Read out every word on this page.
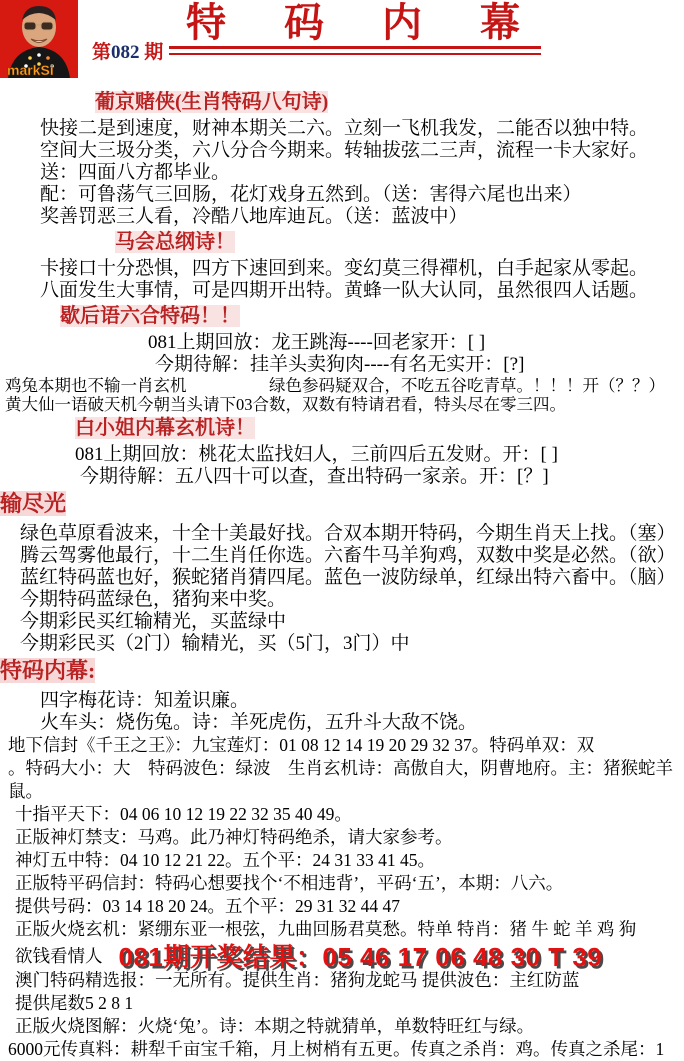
markSi
特码内幕
第082 期
葡京赌侠(生肖特码八句诗)
快接二是到速度，财神本期关二六。立刻一飞机我发，二能否以独中特。
空间大三圾分类，六八分合今期来。转轴拔弦二三声，流程一卡大家好。
送：四面八方都毕业。
配：可鲁荡气三回肠，花灯戏身五然到。（送：害得六尾也出来）
奖善罚恶三人看，冷酷八地库迪瓦。（送：蓝波中）
马会总纲诗！
卡接口十分恐惧，四方下速回到来。变幻莫三得禪机，白手起家从零起。
八面发生大事情，可是四期开出特。黄蜂一队大认同，虽然很四人话题。
歇后语六合特码！！
081上期回放：龙王跳海----回老家开：[ ]
今期待解：挂羊头卖狗肉----有名无实开：[?]
鸡兔本期也不输一肖玄机　　　　　绿色参码疑双合，不吃五谷吃青草。！！！开（？？）
黄大仙一语破天机今朝当头请下03合数，双数有特请君看，特头尽在零三四。
白小姐内幕玄机诗！
081上期回放：桃花太监找妇人，三前四后五发财。开：[ ]
今期待解：五八四十可以查，查出特码一家亲。开：[？]
输尽光
绿色草原看波来，十全十美最好找。合双本期开特码，今期生肖天上找。（塞）
腾云驾雾他最行，十二生肖任你选。六畜牛马羊狗鸡，双数中奖是必然。（欲）
蓝红特码蓝也好，猴蛇猪肖猜四尾。蓝色一波防绿单，红绿出特六畜中。（脑）
今期特码蓝绿色，猪狗来中奖。
今期彩民买红输精光，买蓝绿中
今期彩民买（2门）输精光，买（5门，3门）中
特码内幕:
四字梅花诗：知羞识廉。
火车头：烧伤兔。诗：羊死虎伤，五升斗大敌不饶。
地下信封《千王之王》：九宝莲灯：01 08 12 14 19 20 29 32 37。特码单双：双
。特码大小：大　特码波色：绿波　生肖玄机诗：高傲自大，阴曹地府。主：猪猴蛇羊鼠。
十指平天下：04 06 10 12 19 22 32 35 40 49。
正版神灯禁支：马鸡。此乃神灯特码绝杀，请大家参考。
神灯五中特：04 10 12 21 22。五个平：24 31 33 41 45。
正版特平码信封：特码心想要找个‘不相违背’，平码‘五’，本期：八六。
提供号码：03 14 18 20 24。五个平：29 31 32 44 47
正版火烧玄机：紧绷东亚一根弦，九曲回肠君莫愁。特单 特肖：猪 牛 蛇 羊 鸡 狗
欲钱看情人 081期开奖结果：05 46 17 06 48 30 T 39
澳门特码精选报：一无所有。提供生肖：猪狗龙蛇马 提供波色：主红防蓝
提供尾数5 2 8 1
正版火烧图解：火烧‘兔’。诗：本期之特就猜单，单数特旺红与绿。
6000元传真料：耕犁千亩宝千箱，月上树梢有五更。传真之杀肖：鸡。传真之杀尾：1
